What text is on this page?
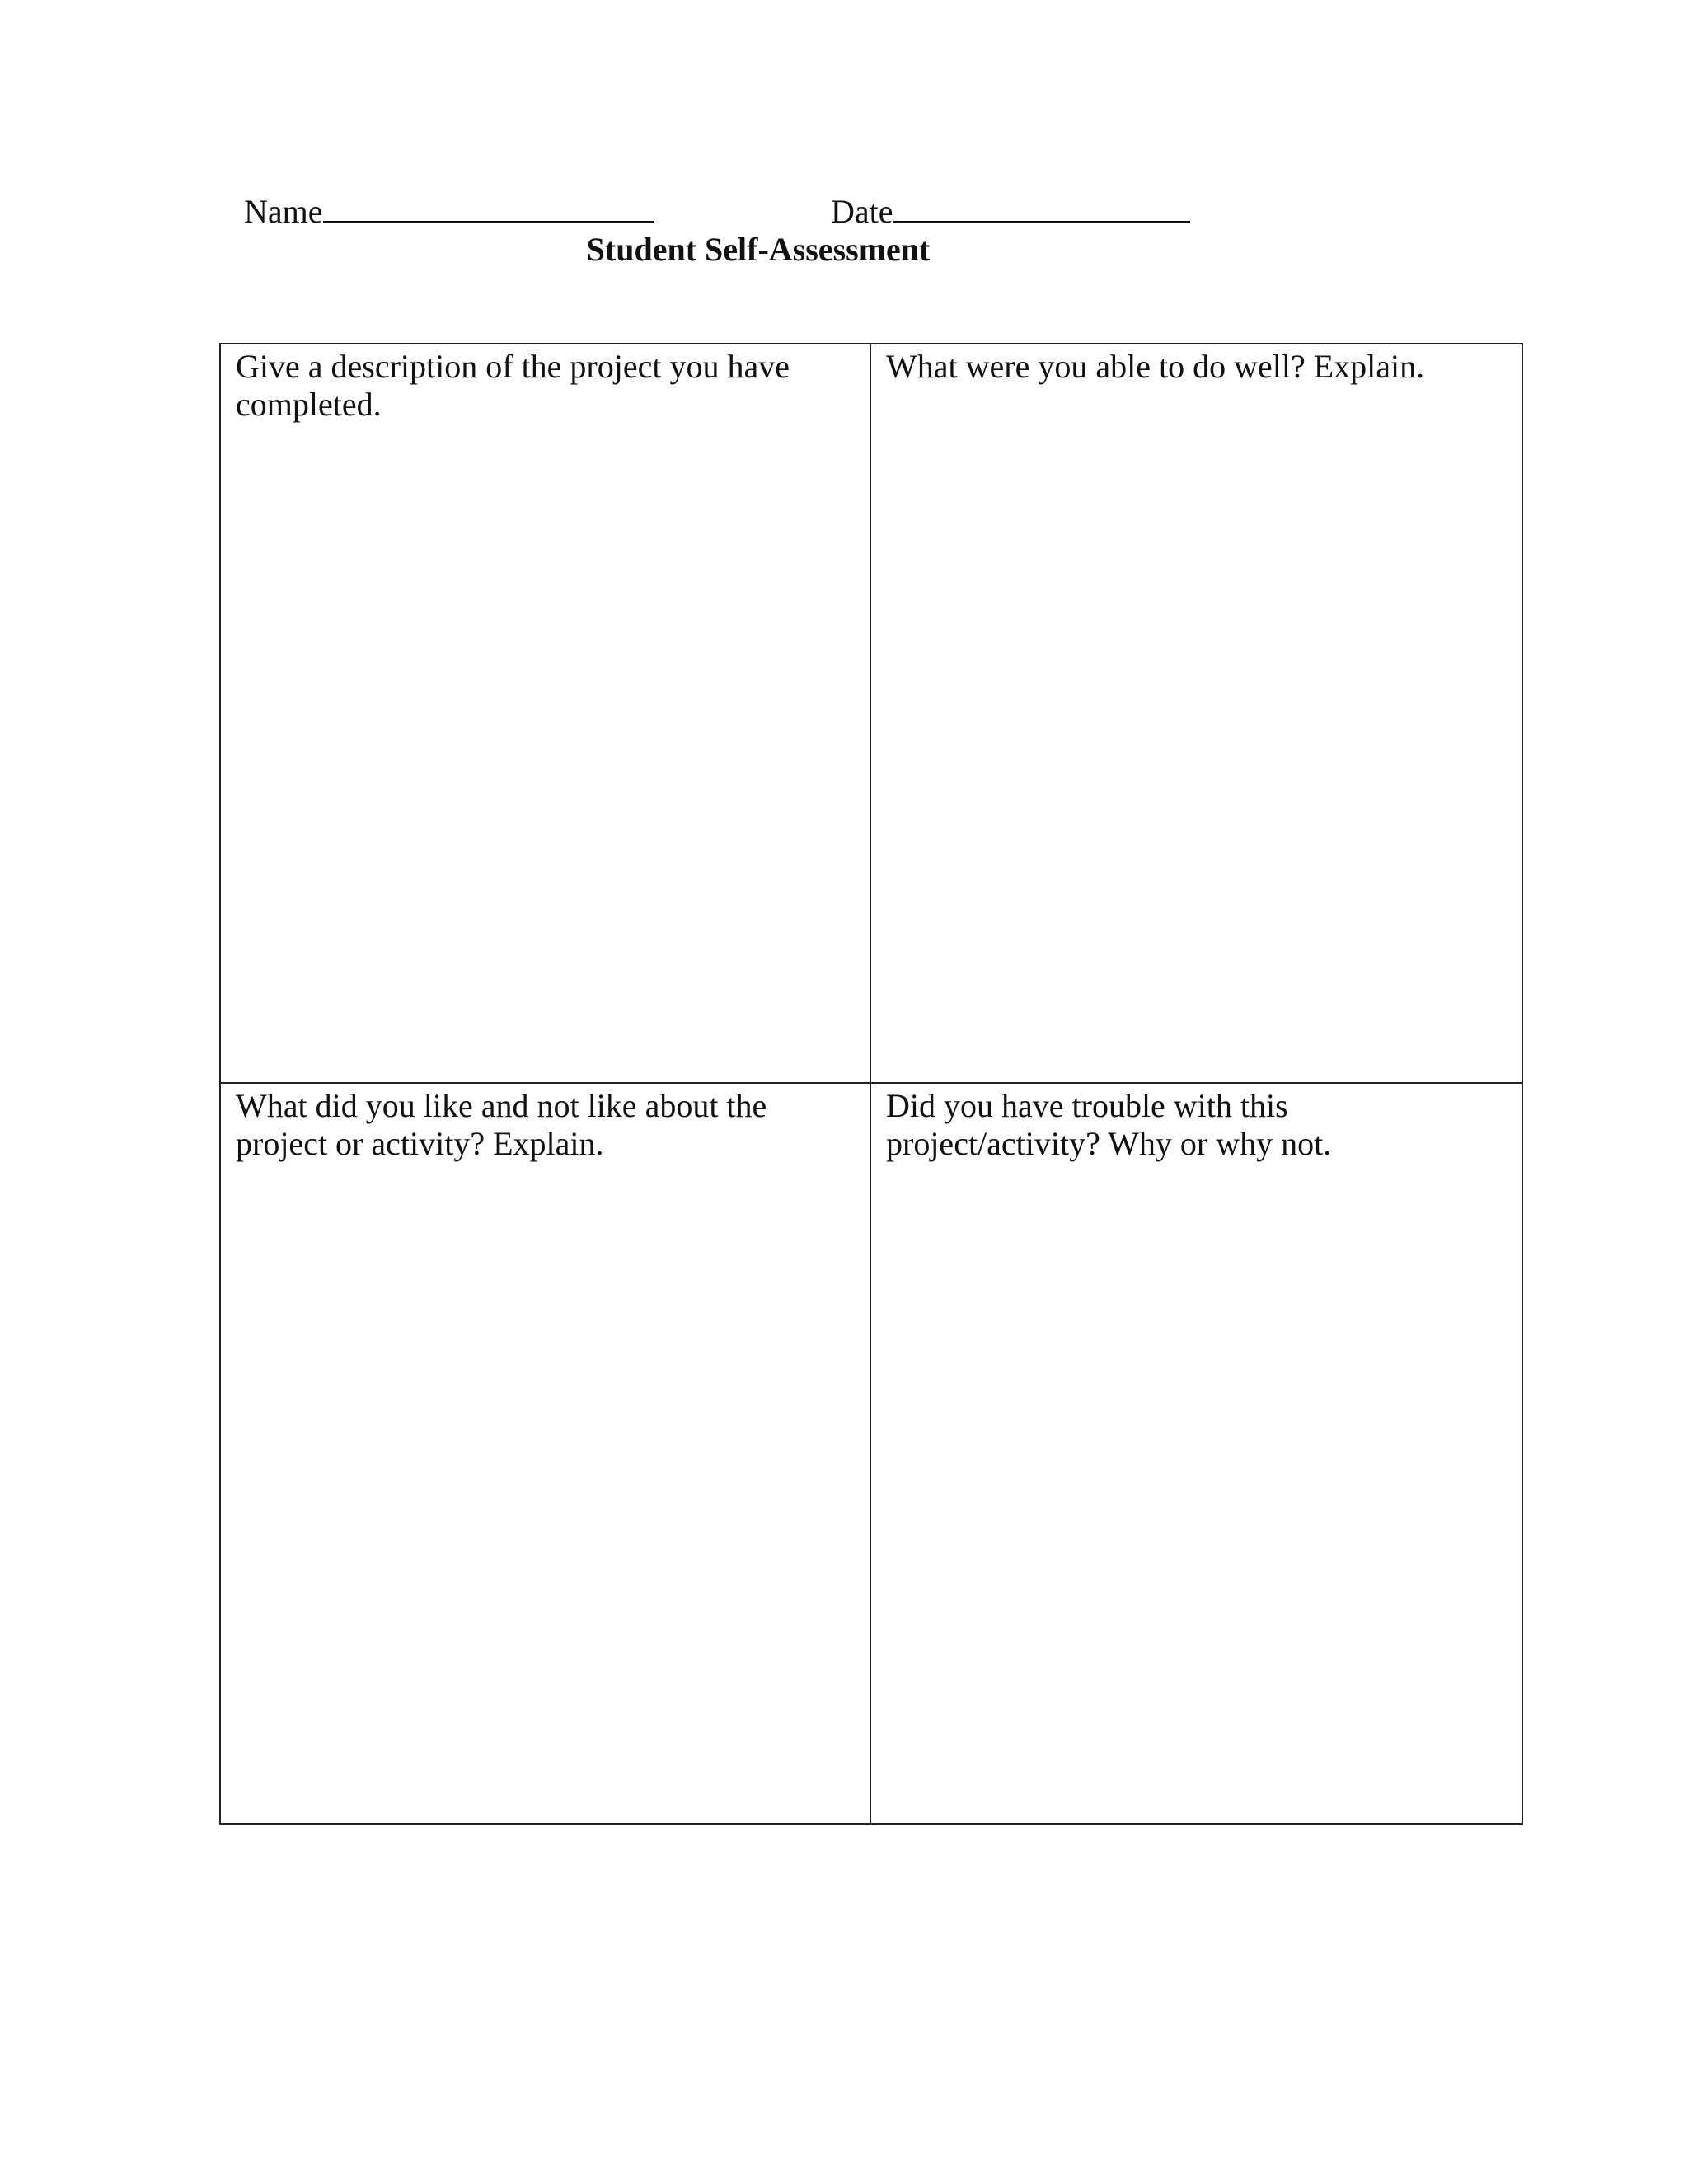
Name	Date
Student Self-Assessment
Give a description of the project you have completed.
What were you able to do well? Explain.
What did you like and not like about the project or activity? Explain.
Did you have trouble with this project/activity? Why or why not.
